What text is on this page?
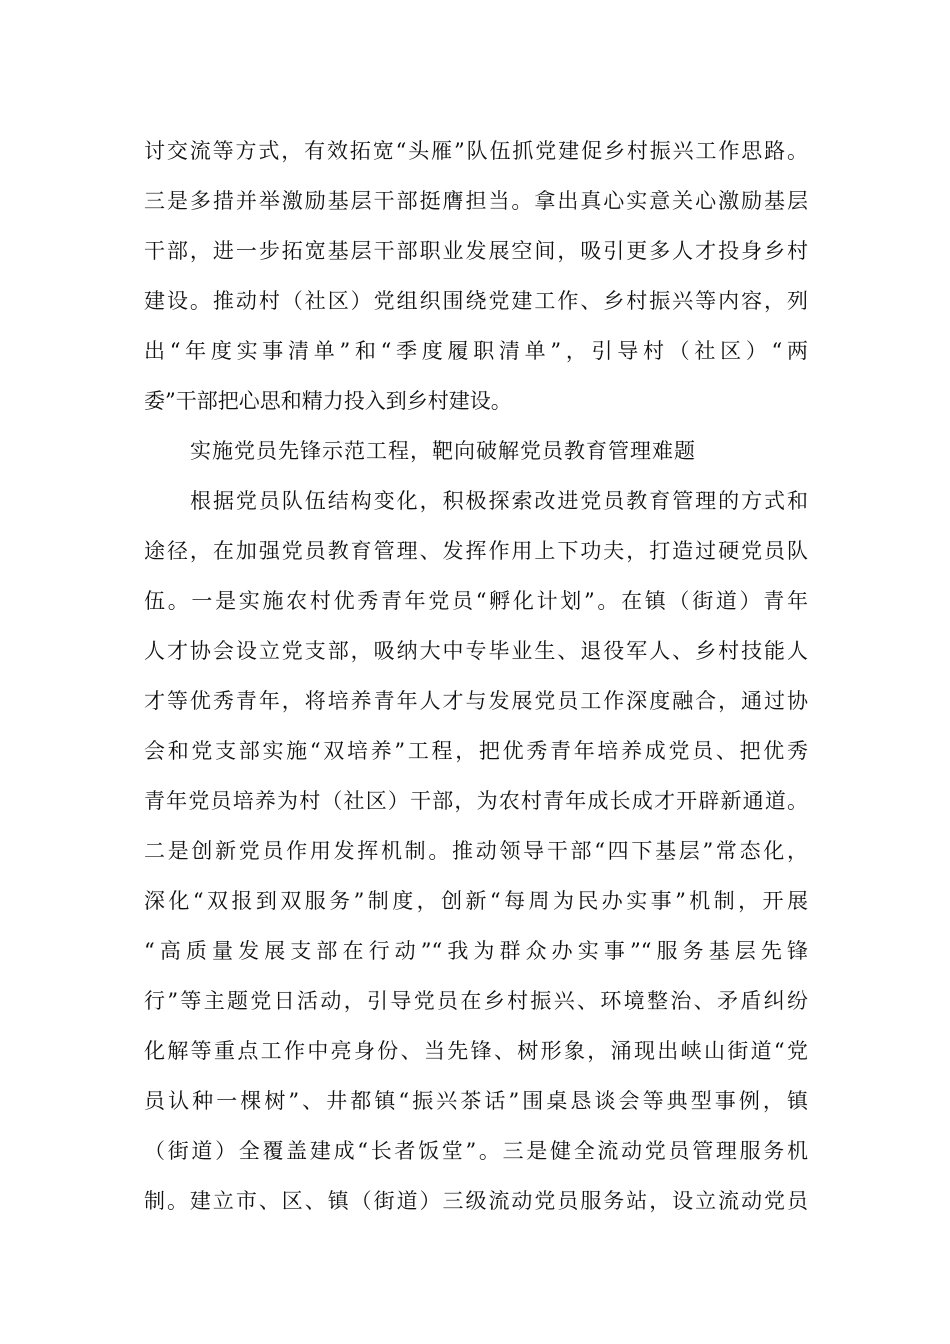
讨交流等方式，有效拓宽“头雁”队伍抓党建促乡村振兴工作思路。
三是多措并举激励基层干部挺膺担当。拿出真心实意关心激励基层
干部，进一步拓宽基层干部职业发展空间，吸引更多人才投身乡村
建设。推动村（社区）党组织围绕党建工作、乡村振兴等内容，列
出“年度实事清单”和“季度履职清单”，引导村（社区）“两
委”干部把心思和精力投入到乡村建设。
实施党员先锋示范工程，靶向破解党员教育管理难题
根据党员队伍结构变化，积极探索改进党员教育管理的方式和
途径，在加强党员教育管理、发挥作用上下功夫，打造过硬党员队
伍。一是实施农村优秀青年党员“孵化计划”。在镇（街道）青年
人才协会设立党支部，吸纳大中专毕业生、退役军人、乡村技能人
才等优秀青年，将培养青年人才与发展党员工作深度融合，通过协
会和党支部实施“双培养”工程，把优秀青年培养成党员、把优秀
青年党员培养为村（社区）干部，为农村青年成长成才开辟新通道。
二是创新党员作用发挥机制。推动领导干部“四下基层”常态化，
深化“双报到双服务”制度，创新“每周为民办实事”机制，开展
“高质量发展支部在行动”“我为群众办实事”“服务基层先锋
行”等主题党日活动，引导党员在乡村振兴、环境整治、矛盾纠纷
化解等重点工作中亮身份、当先锋、树形象，涌现出峡山街道“党
员认种一棵树”、井都镇“振兴茶话”围桌恳谈会等典型事例，镇
（街道）全覆盖建成“长者饭堂”。三是健全流动党员管理服务机
制。建立市、区、镇（街道）三级流动党员服务站，设立流动党员
